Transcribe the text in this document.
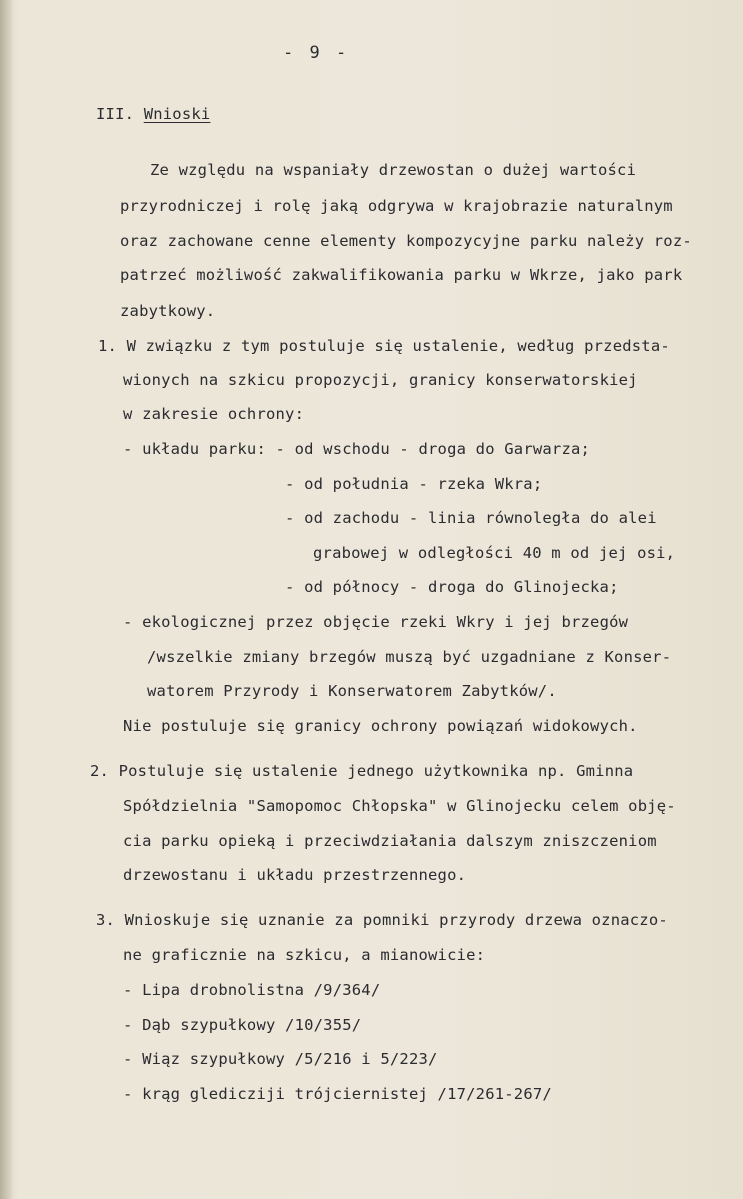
- 9 -
III. Wnioski
Ze względu na wspaniały drzewostan o dużej wartości
przyrodniczej i rolę jaką odgrywa w krajobrazie naturalnym
oraz zachowane cenne elementy kompozycyjne parku należy roz-
patrzeć możliwość zakwalifikowania parku w Wkrze, jako park
zabytkowy.
1. W związku z tym postuluje się ustalenie, według przedsta-
wionych na szkicu propozycji, granicy konserwatorskiej
w zakresie ochrony:
- układu parku: - od wschodu - droga do Garwarza;
- od południa - rzeka Wkra;
- od zachodu - linia równoległa do alei
grabowej w odległości 40 m od jej osi,
- od północy - droga do Glinojecka;
- ekologicznej przez objęcie rzeki Wkry i jej brzegów
/wszelkie zmiany brzegów muszą być uzgadniane z Konser-
watorem Przyrody i Konserwatorem Zabytków/.
Nie postuluje się granicy ochrony powiązań widokowych.
2. Postuluje się ustalenie jednego użytkownika np. Gminna
Spółdzielnia "Samopomoc Chłopska" w Glinojecku celem obję-
cia parku opieką i przeciwdziałania dalszym zniszczeniom
drzewostanu i układu przestrzennego.
3. Wnioskuje się uznanie za pomniki przyrody drzewa oznaczo-
ne graficznie na szkicu, a mianowicie:
- Lipa drobnolistna /9/364/
- Dąb szypułkowy /10/355/
- Wiąz szypułkowy /5/216 i 5/223/
- krąg gledicziji trójciernistej /17/261-267/
